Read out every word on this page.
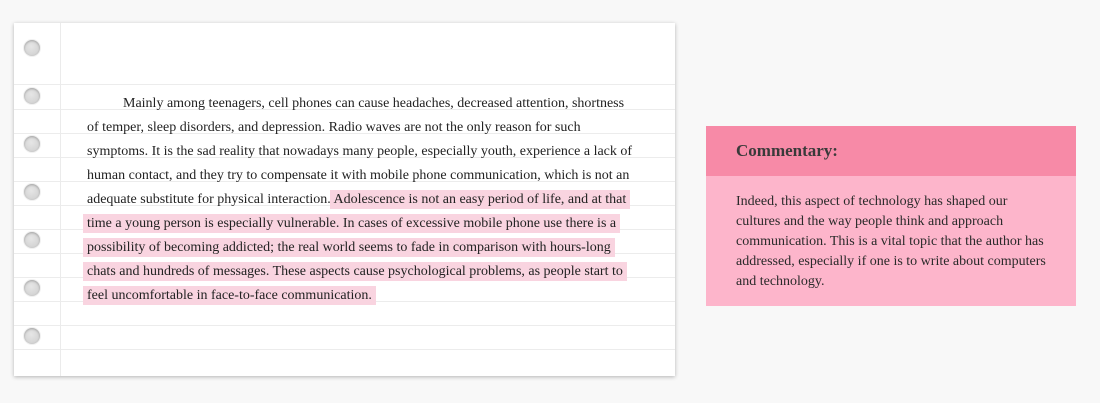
Mainly among teenagers, cell phones can cause headaches, decreased attention, shortness of temper, sleep disorders, and depression. Radio waves are not the only reason for such symptoms. It is the sad reality that nowadays many people, especially youth, experience a lack of human contact, and they try to compensate it with mobile phone communication, which is not an adequate substitute for physical interaction. Adolescence is not an easy period of life, and at that time a young person is especially vulnerable. In cases of excessive mobile phone use there is a possibility of becoming addicted; the real world seems to fade in comparison with hours-long chats and hundreds of messages. These aspects cause psychological problems, as people start to feel uncomfortable in face-to-face communication.

Commentary:

Indeed, this aspect of technology has shaped our cultures and the way people think and approach communication. This is a vital topic that the author has addressed, especially if one is to write about computers and technology.
